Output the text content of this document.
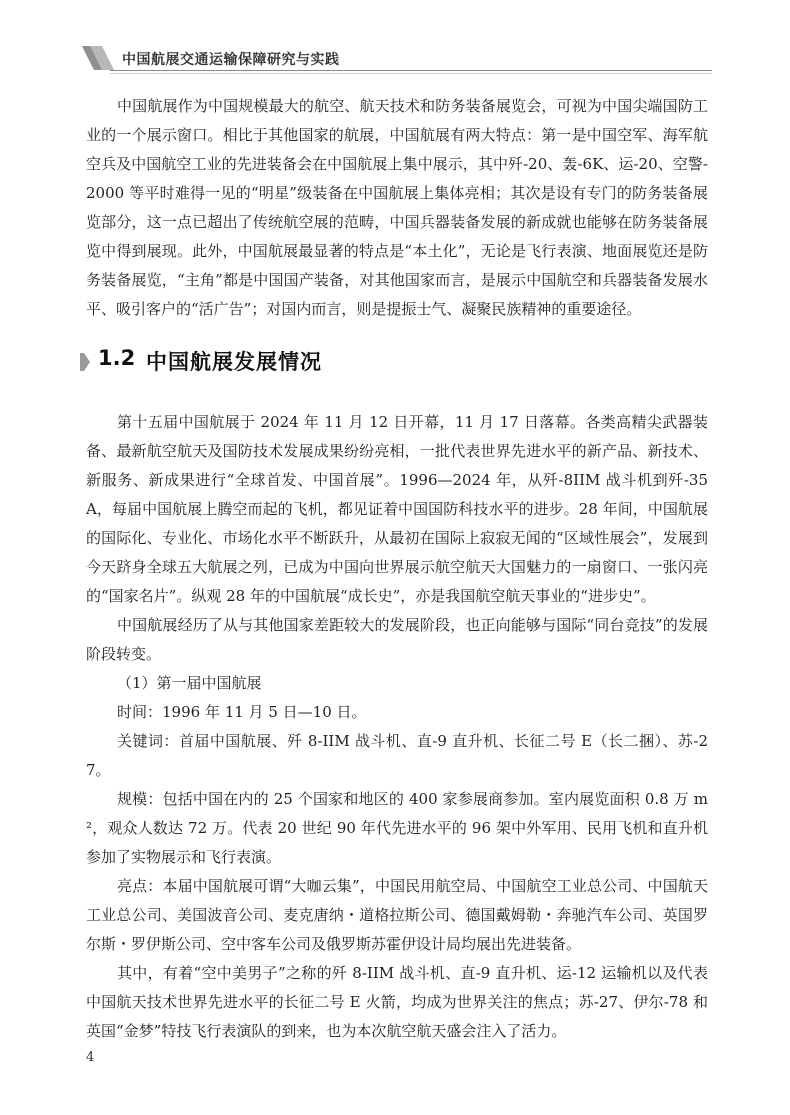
中国航展交通运输保障研究与实践

中国航展作为中国规模最大的航空、航天技术和防务装备展览会，可视为中国尖端国防工业的一个展示窗口。相比于其他国家的航展，中国航展有两大特点：第一是中国空军、海军航空兵及中国航空工业的先进装备会在中国航展上集中展示，其中歼-20、轰-6K、运-20、空警-2000 等平时难得一见的“明星”级装备在中国航展上集体亮相；其次是设有专门的防务装备展览部分，这一点已超出了传统航空展的范畴，中国兵器装备发展的新成就也能够在防务装备展览中得到展现。此外，中国航展最显著的特点是“本土化”，无论是飞行表演、地面展览还是防务装备展览，“主角”都是中国国产装备，对其他国家而言，是展示中国航空和兵器装备发展水平、吸引客户的“活广告”；对国内而言，则是提振士气、凝聚民族精神的重要途径。

1.2 中国航展发展情况

第十五届中国航展于 2024 年 11 月 12 日开幕，11 月 17 日落幕。各类高精尖武器装备、最新航空航天及国防技术发展成果纷纷亮相，一批代表世界先进水平的新产品、新技术、新服务、新成果进行“全球首发、中国首展”。1996—2024 年，从歼-8IIM 战斗机到歼-35A，每届中国航展上腾空而起的飞机，都见证着中国国防科技水平的进步。28 年间，中国航展的国际化、专业化、市场化水平不断跃升，从最初在国际上寂寂无闻的“区域性展会”，发展到今天跻身全球五大航展之列，已成为中国向世界展示航空航天大国魅力的一扇窗口、一张闪亮的“国家名片”。纵观 28 年的中国航展“成长史”，亦是我国航空航天事业的“进步史”。

中国航展经历了从与其他国家差距较大的发展阶段，也正向能够与国际“同台竞技”的发展阶段转变。

（1）第一届中国航展

时间：1996 年 11 月 5 日—10 日。

关键词：首届中国航展、歼 8-IIM 战斗机、直-9 直升机、长征二号 E（长二捆）、苏-27。

规模：包括中国在内的 25 个国家和地区的 400 家参展商参加。室内展览面积 0.8 万 m²，观众人数达 72 万。代表 20 世纪 90 年代先进水平的 96 架中外军用、民用飞机和直升机参加了实物展示和飞行表演。

亮点：本届中国航展可谓“大咖云集”，中国民用航空局、中国航空工业总公司、中国航天工业总公司、美国波音公司、麦克唐纳・道格拉斯公司、德国戴姆勒・奔驰汽车公司、英国罗尔斯・罗伊斯公司、空中客车公司及俄罗斯苏霍伊设计局均展出先进装备。

其中，有着“空中美男子”之称的歼 8-IIM 战斗机、直-9 直升机、运-12 运输机以及代表中国航天技术世界先进水平的长征二号 E 火箭，均成为世界关注的焦点；苏-27、伊尔-78 和英国“金梦”特技飞行表演队的到来，也为本次航空航天盛会注入了活力。

4
